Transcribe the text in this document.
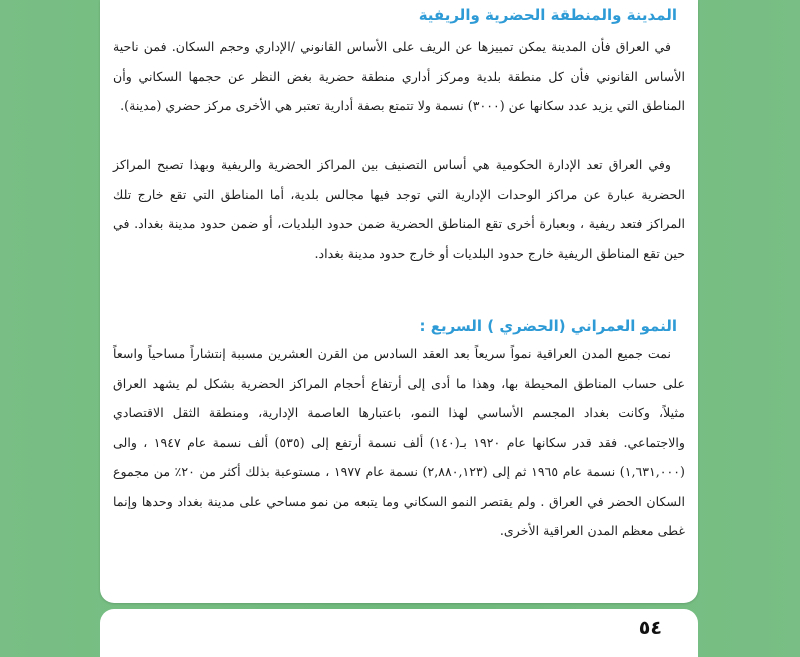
المدينة والمنطقة الحضرية والريفية

في العراق فأن المدينة يمكن تمييزها عن الريف على الأساس القانوني /الإداري وحجم السكان. فمن ناحية الأساس القانوني فأن كل منطقة بلدية ومركز أداري منطقة حضرية بغض النظر عن حجمها السكاني وأن المناطق التي يزيد عدد سكانها عن (٣٠٠٠) نسمة ولا تتمتع بصفة أدارية تعتبر هي الأخرى مركز حضري (مدينة).

وفي العراق تعد الإدارة الحكومية هي أساس التصنيف بين المراكز الحضرية والريفية وبهذا تصبح المراكز الحضرية عبارة عن مراكز الوحدات الإدارية التي توجد فيها مجالس بلدية، أما المناطق التي تقع خارج تلك المراكز فتعد ريفية ، وبعبارة أخرى تقع المناطق الحضرية ضمن حدود البلديات، أو ضمن حدود مدينة بغداد. في حين تقع المناطق الريفية خارج حدود البلديات أو خارج حدود مدينة بغداد.

النمو العمراني (الحضري ) السريع :

نمت جميع المدن العراقية نمواً سريعاً بعد العقد السادس من القرن العشرين مسببة إنتشاراً مساحياً واسعاً على حساب المناطق المحيطة بها، وهذا ما أدى إلى أرتفاع أحجام المراكز الحضرية بشكل لم يشهد العراق مثيلاً، وكانت بغداد المجسم الأساسي لهذا النمو، باعتبارها العاصمة الإدارية، ومنطقة الثقل الاقتصادي والاجتماعي. فقد قدر سكانها عام ١٩٢٠ بـ(١٤٠) ألف نسمة أرتفع إلى (٥٣٥) ألف نسمة عام ١٩٤٧ ، والى (١,٦٣١,٠٠٠) نسمة عام ١٩٦٥ ثم إلى (٢,٨٨٠,١٢٣) نسمة عام ١٩٧٧ ، مستوعبة بذلك أكثر من ٢٠٪ من مجموع السكان الحضر في العراق . ولم يقتصر النمو السكاني وما يتبعه من نمو مساحي على مدينة بغداد وحدها وإنما غطى معظم المدن العراقية الأخرى.

٥٤
